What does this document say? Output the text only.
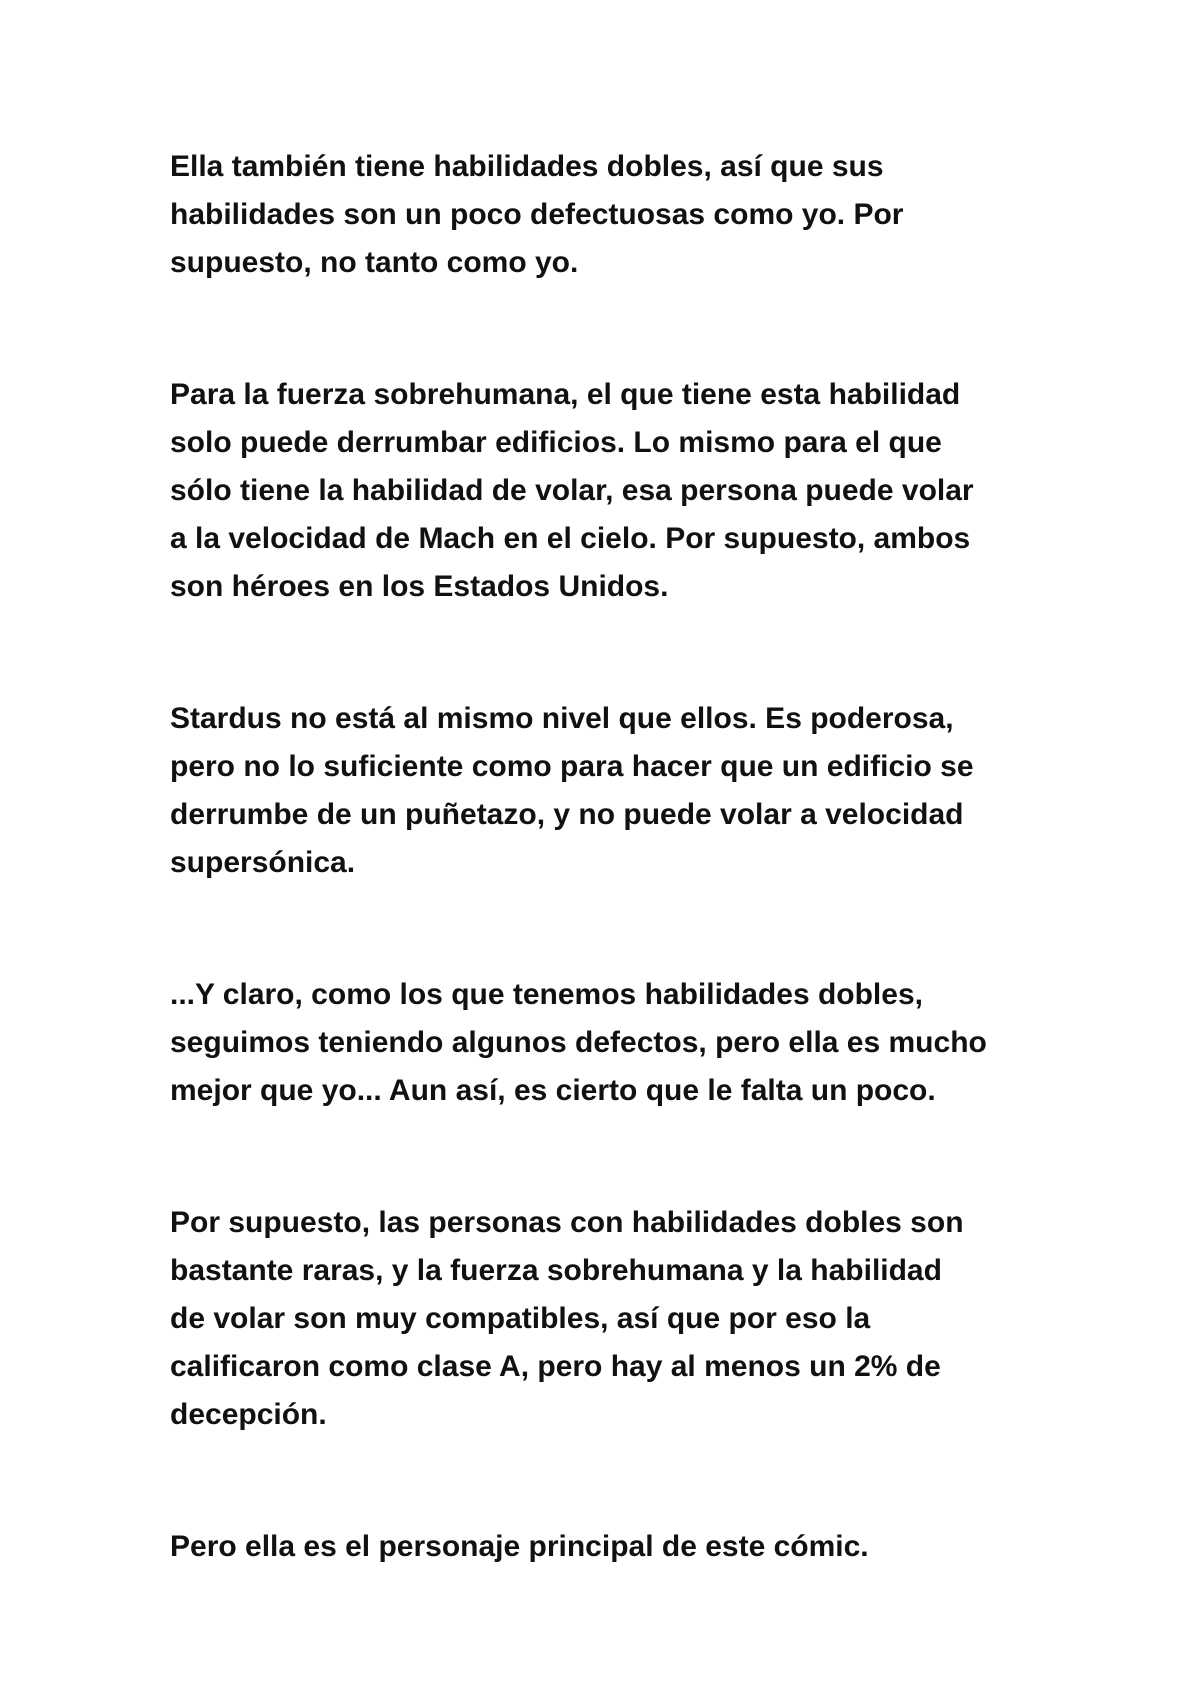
Ella también tiene habilidades dobles, así que sus
habilidades son un poco defectuosas como yo. Por
supuesto, no tanto como yo.

Para la fuerza sobrehumana, el que tiene esta habilidad
solo puede derrumbar edificios. Lo mismo para el que
sólo tiene la habilidad de volar, esa persona puede volar
a la velocidad de Mach en el cielo. Por supuesto, ambos
son héroes en los Estados Unidos.

Stardus no está al mismo nivel que ellos. Es poderosa,
pero no lo suficiente como para hacer que un edificio se
derrumbe de un puñetazo, y no puede volar a velocidad
supersónica.

...Y claro, como los que tenemos habilidades dobles,
seguimos teniendo algunos defectos, pero ella es mucho
mejor que yo... Aun así, es cierto que le falta un poco.

Por supuesto, las personas con habilidades dobles son
bastante raras, y la fuerza sobrehumana y la habilidad
de volar son muy compatibles, así que por eso la
calificaron como clase A, pero hay al menos un 2% de
decepción.

Pero ella es el personaje principal de este cómic.
